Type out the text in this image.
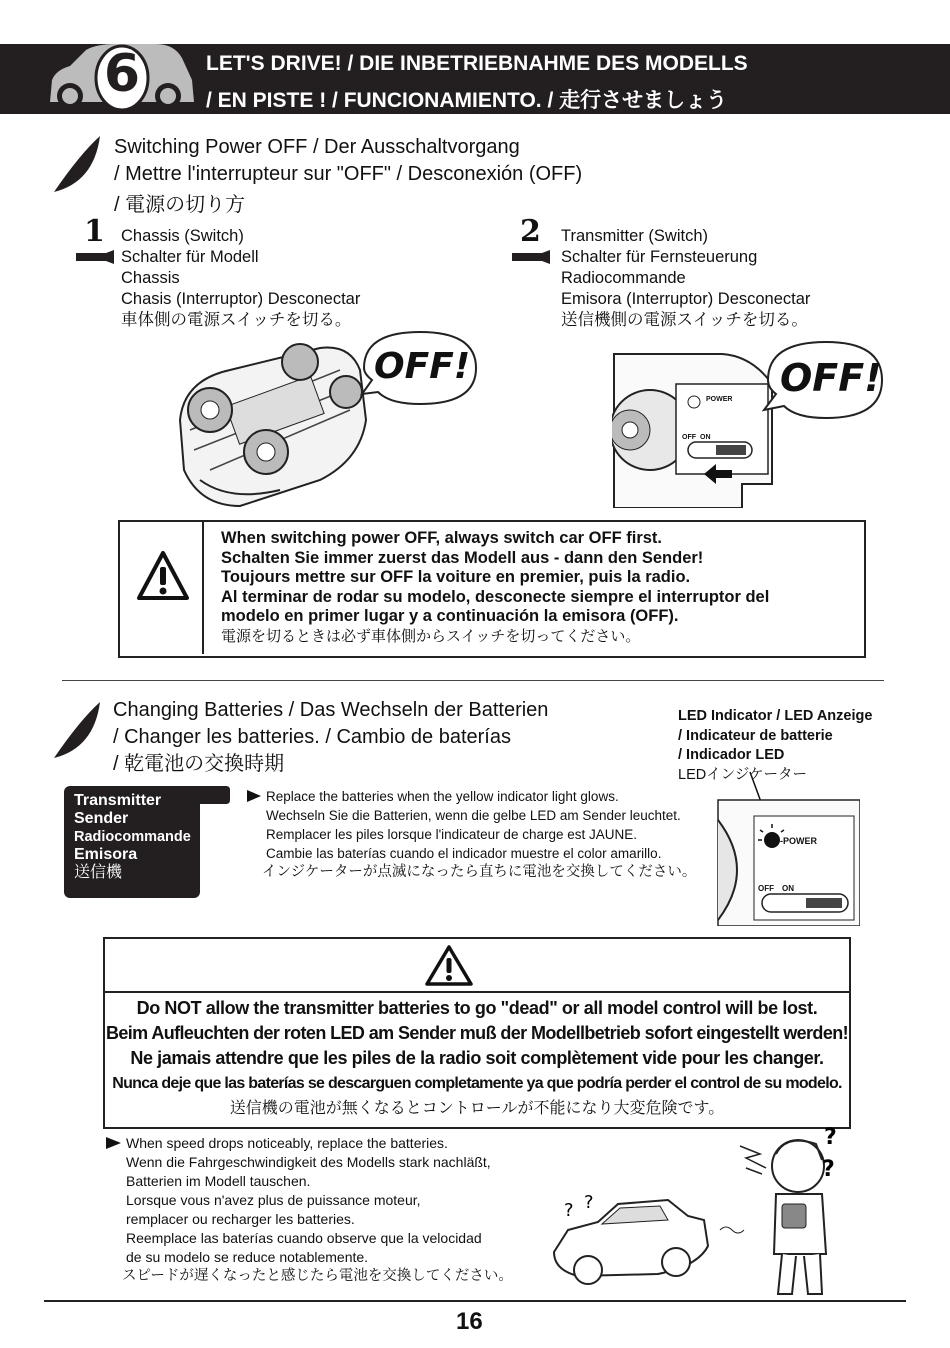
6	LET'S DRIVE! / DIE INBETRIEBNAHME DES MODELLS
/ EN PISTE ! / FUNCIONAMIENTO. / 走行させましょう
Switching Power OFF / Der Ausschaltvorgang
/ Mettre l'interrupteur sur "OFF" / Desconexión (OFF)
/ 電源の切り方
1 Chassis (Switch)
Schalter für Modell
Chassis
Chasis (Interruptor) Desconectar
車体側の電源スイッチを切る。
OFF!
2 Transmitter (Switch)
Schalter für Fernsteuerung
Radiocommande
Emisora (Interruptor) Desconectar
送信機側の電源スイッチを切る。
POWER
OFF ON
OFF!
When switching power OFF, always switch car OFF first.
Schalten Sie immer zuerst das Modell aus - dann den Sender!
Toujours mettre sur OFF la voiture en premier, puis la radio.
Al terminar de rodar su modelo, desconecte siempre el interruptor del
modelo en primer lugar y a continuación la emisora (OFF).
電源を切るときは必ず車体側からスイッチを切ってください。
Changing Batteries / Das Wechseln der Batterien
/ Changer les batteries. / Cambio de baterías
/ 乾電池の交換時期
LED Indicator / LED Anzeige
/ Indicateur de batterie
/ Indicador LED
LEDインジケーター
Transmitter
Sender
Radiocommande
Emisora
送信機
Replace the batteries when the yellow indicator light glows.
Wechseln Sie die Batterien, wenn die gelbe LED am Sender leuchtet.
Remplacer les piles lorsque l'indicateur de charge est JAUNE.
Cambie las baterías cuando el indicador muestre el color amarillo.
インジケーターが点滅になったら直ちに電池を交換してください。
-POWER
OFF ON
Do NOT allow the transmitter batteries to go "dead" or all model control will be lost.
Beim Aufleuchten der roten LED am Sender muß der Modellbetrieb sofort eingestellt werden!
Ne jamais attendre que les piles de la radio soit complètement vide pour les changer.
Nunca deje que las baterías se descarguen completamente ya que podría perder el control de su modelo.
送信機の電池が無くなるとコントロールが不能になり大変危険です。
When speed drops noticeably, replace the batteries.
Wenn die Fahrgeschwindigkeit des Modells stark nachläßt,
Batterien im Modell tauschen.
Lorsque vous n'avez plus de puissance moteur,
remplacer ou recharger les batteries.
Reemplace las baterías cuando observe que la velocidad
de su modelo se reduce notablemente.
スピードが遅くなったと感じたら電池を交換してください。
? ?
?
?
16
